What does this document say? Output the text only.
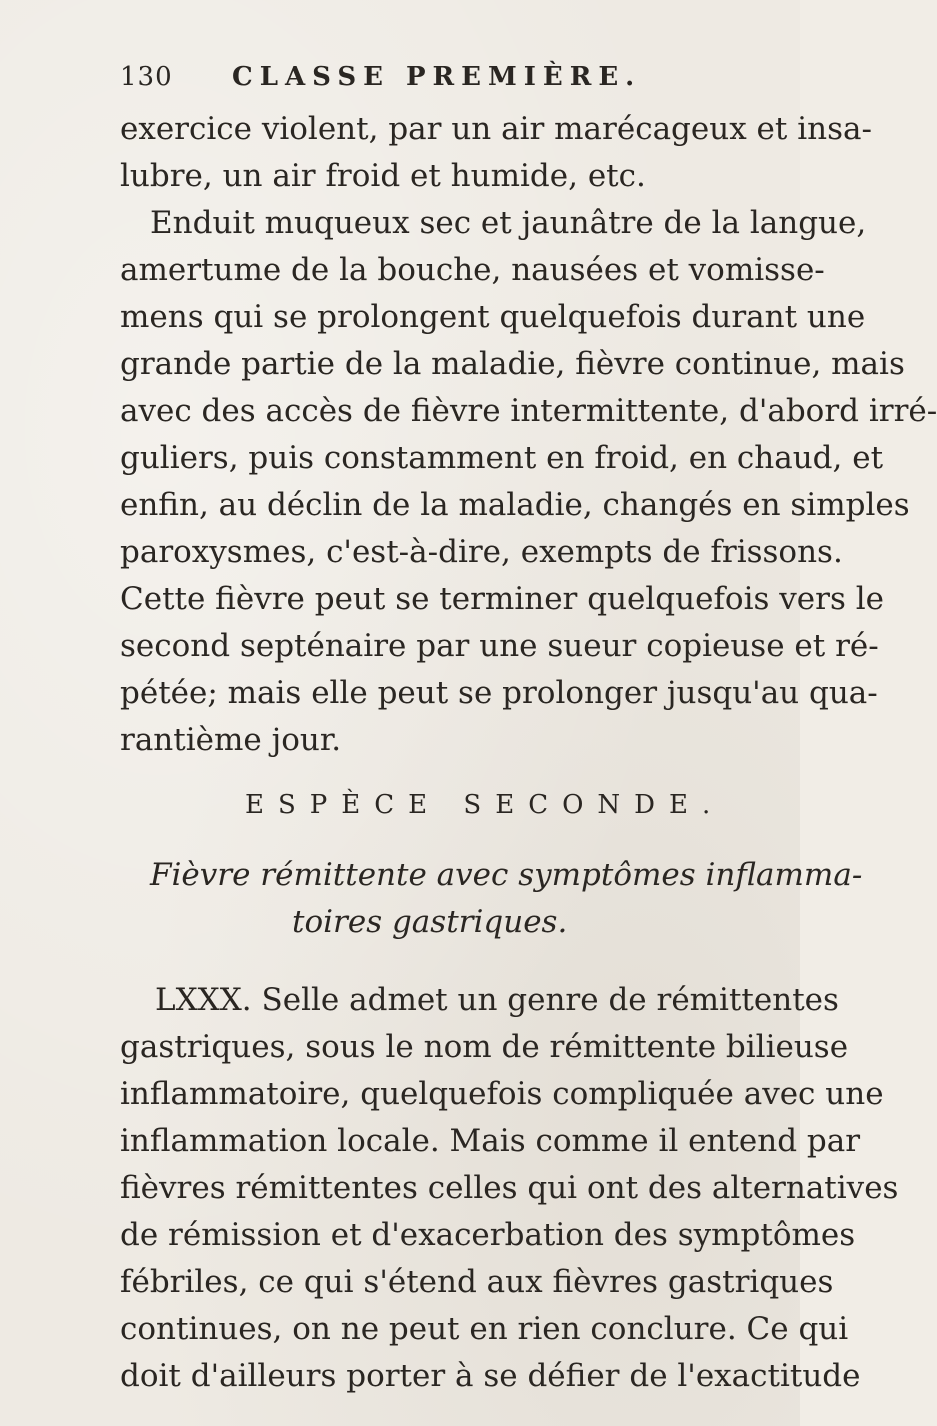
130 CLASSE PREMIÈRE.
exercice violent, par un air marécageux et insa-
lubre, un air froid et humide, etc.
Enduit muqueux sec et jaunâtre de la langue,
amertume de la bouche, nausées et vomisse-
mens qui se prolongent quelquefois durant une
grande partie de la maladie, fièvre continue, mais
avec des accès de fièvre intermittente, d'abord irré-
guliers, puis constamment en froid, en chaud, et
enfin, au déclin de la maladie, changés en simples
paroxysmes, c'est-à-dire, exempts de frissons.
Cette fièvre peut se terminer quelquefois vers le
second septénaire par une sueur copieuse et ré-
pétée; mais elle peut se prolonger jusqu'au qua-
rantième jour.
ESPÈCE SECONDE.
Fièvre rémittente avec symptômes inflamma-
toires gastriques.
LXXX. Selle admet un genre de rémittentes
gastriques, sous le nom de rémittente bilieuse
inflammatoire, quelquefois compliquée avec une
inflammation locale. Mais comme il entend par
fièvres rémittentes celles qui ont des alternatives
de rémission et d'exacerbation des symptômes
fébriles, ce qui s'étend aux fièvres gastriques
continues, on ne peut en rien conclure. Ce qui
doit d'ailleurs porter à se défier de l'exactitude
